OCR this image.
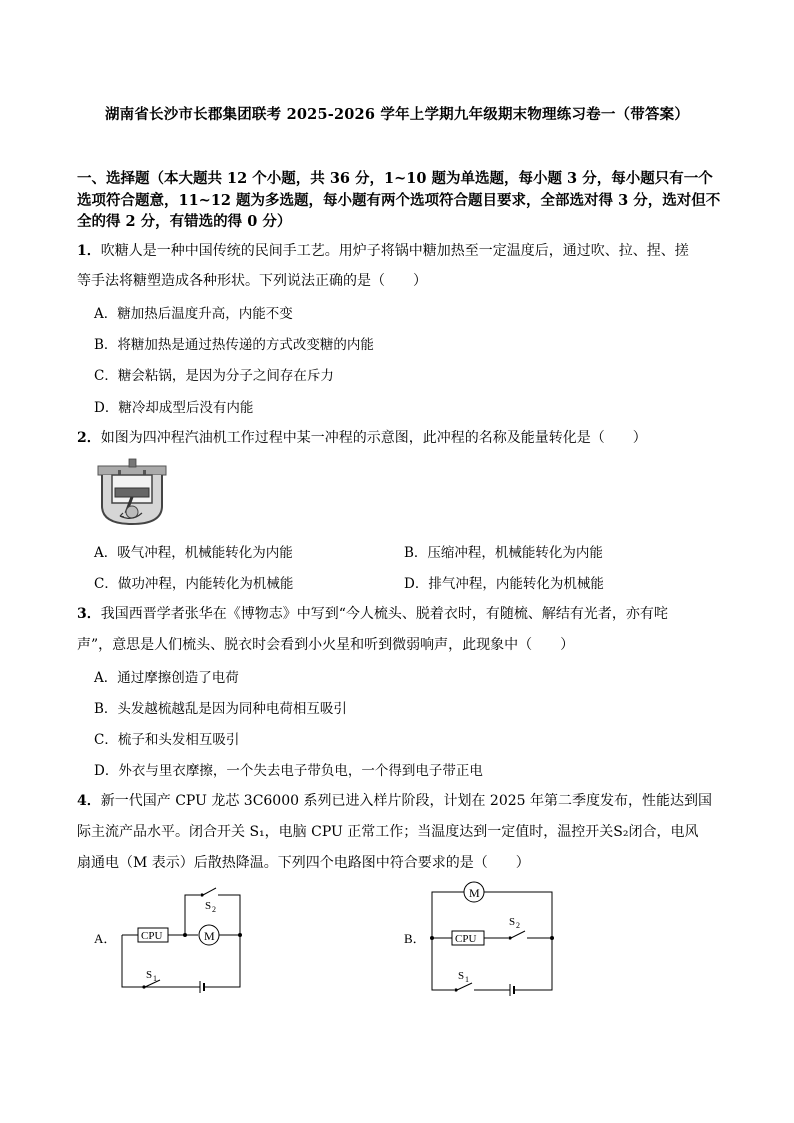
湖南省长沙市长郡集团联考 2025-2026 学年上学期九年级期末物理练习卷一（带答案）
一、选择题（本大题共 12 个小题，共 36 分，1~10 题为单选题，每小题 3 分，每小题只有一个选项符合题意，11~12 题为多选题，每小题有两个选项符合题目要求，全部选对得 3 分，选对但不全的得 2 分，有错选的得 0 分）
1．吹糖人是一种中国传统的民间手工艺。用炉子将锅中糖加热至一定温度后，通过吹、拉、捏、搓
等手法将糖塑造成各种形状。下列说法正确的是（　　）
A．糖加热后温度升高，内能不变
B．将糖加热是通过热传递的方式改变糖的内能
C．糖会粘锅，是因为分子之间存在斥力
D．糖冷却成型后没有内能
2．如图为四冲程汽油机工作过程中某一冲程的示意图，此冲程的名称及能量转化是（　　）
A．吸气冲程，机械能转化为内能	B．压缩冲程，机械能转化为内能
C．做功冲程，内能转化为机械能	D．排气冲程，内能转化为机械能
3．我国西晋学者张华在《博物志》中写到“今人梳头、脱着衣时，有随梳、解结有光者，亦有咤
声”，意思是人们梳头、脱衣时会看到小火星和听到微弱响声，此现象中（　　）
A．通过摩擦创造了电荷
B．头发越梳越乱是因为同种电荷相互吸引
C．梳子和头发相互吸引
D．外衣与里衣摩擦，一个失去电子带负电，一个得到电子带正电
4．新一代国产 CPU 龙芯 3C6000 系列已进入样片阶段，计划在 2025 年第二季度发布，性能达到国
际主流产品水平。闭合开关 S₁，电脑 CPU 正常工作；当温度达到一定值时，温控开关S₂闭合，电风
扇通电（M 表示）后散热降温。下列四个电路图中符合要求的是（　　）
A． CPU	M
S 1
S 2
B．	CPU
M
S 2
S 1
